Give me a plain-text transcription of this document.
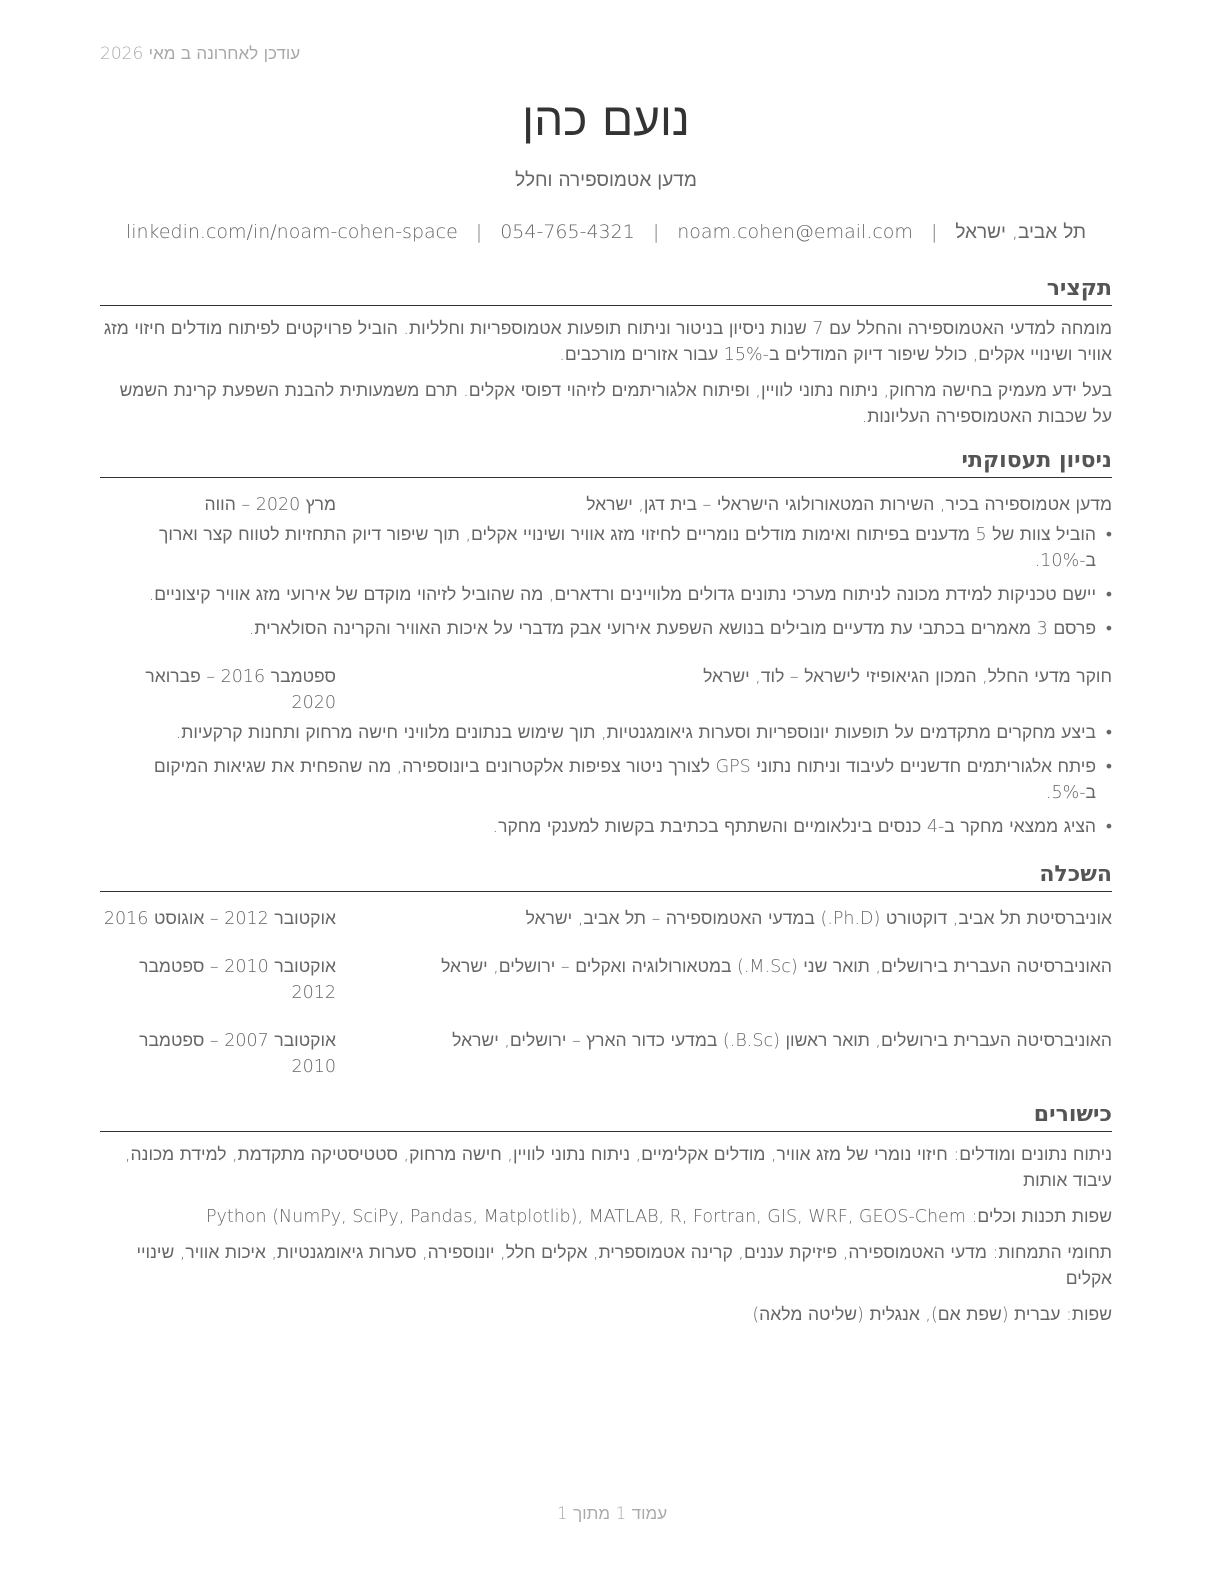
עודכן לאחרונה ב מאי 2026
נועם כהן
מדען אטמוספירה וחלל
תל אביב, ישראל
|
noam.cohen@email.com
|
054-765-4321
|
linkedin.com/in/noam-cohen-space
תקציר

מומחה למדעי האטמוספירה והחלל עם 7 שנות ניסיון בניטור וניתוח תופעות אטמוספריות וחלליות. הוביל פרויקטים לפיתוח מודלים חיזוי מזג אוויר ושינויי אקלים, כולל שיפור דיוק המודלים ב-15% עבור אזורים מורכבים.

בעל ידע מעמיק בחישה מרחוק, ניתוח נתוני לוויין, ופיתוח אלגוריתמים לזיהוי דפוסי אקלים. תרם משמעותית להבנת השפעת קרינת השמש על שכבות האטמוספירה העליונות.

ניסיון תעסוקתי
מדען אטמוספירה בכיר, השירות המטאורולוגי הישראלי – בית דגן, ישראל
מרץ 2020 – הווה
• הוביל צוות של 5 מדענים בפיתוח ואימות מודלים נומריים לחיזוי מזג אוויר ושינויי אקלים, תוך שיפור דיוק התחזיות לטווח קצר וארוך ב-10%.
• יישם טכניקות למידת מכונה לניתוח מערכי נתונים גדולים מלוויינים ורדארים, מה שהוביל לזיהוי מוקדם של אירועי מזג אוויר קיצוניים.
• פרסם 3 מאמרים בכתבי עת מדעיים מובילים בנושא השפעת אירועי אבק מדברי על איכות האוויר והקרינה הסולארית.
חוקר מדעי החלל, המכון הגיאופיזי לישראל – לוד, ישראל
ספטמבר 2016 – פברואר 2020
• ביצע מחקרים מתקדמים על תופעות יונוספריות וסערות גיאומגנטיות, תוך שימוש בנתונים מלוויני חישה מרחוק ותחנות קרקעיות.
• פיתח אלגוריתמים חדשניים לעיבוד וניתוח נתוני GPS לצורך ניטור צפיפות אלקטרונים ביונוספירה, מה שהפחית את שגיאות המיקום ב-5%.
• הציג ממצאי מחקר ב-4 כנסים בינלאומיים והשתתף בכתיבת בקשות למענקי מחקר.
השכלה
אוניברסיטת תל אביב, דוקטורט (Ph.D.) במדעי האטמוספירה – תל אביב, ישראל
אוקטובר 2012 – אוגוסט 2016
האוניברסיטה העברית בירושלים, תואר שני (M.Sc.) במטאורולוגיה ואקלים – ירושלים, ישראל
אוקטובר 2010 – ספטמבר 2012
האוניברסיטה העברית בירושלים, תואר ראשון (B.Sc.) במדעי כדור הארץ – ירושלים, ישראל
אוקטובר 2007 – ספטמבר 2010
כישורים

ניתוח נתונים ומודלים: חיזוי נומרי של מזג אוויר, מודלים אקלימיים, ניתוח נתוני לוויין, חישה מרחוק, סטטיסטיקה מתקדמת, למידת מכונה, עיבוד אותות

שפות תכנות וכלים: Python (NumPy, SciPy, Pandas, Matplotlib), MATLAB, R, Fortran, GIS, WRF, GEOS-Chem

תחומי התמחות: מדעי האטמוספירה, פיזיקת עננים, קרינה אטמוספרית, אקלים חלל, יונוספירה, סערות גיאומגנטיות, איכות אוויר, שינויי אקלים

שפות: עברית (שפת אם), אנגלית (שליטה מלאה)

עמוד 1 מתוך 1
